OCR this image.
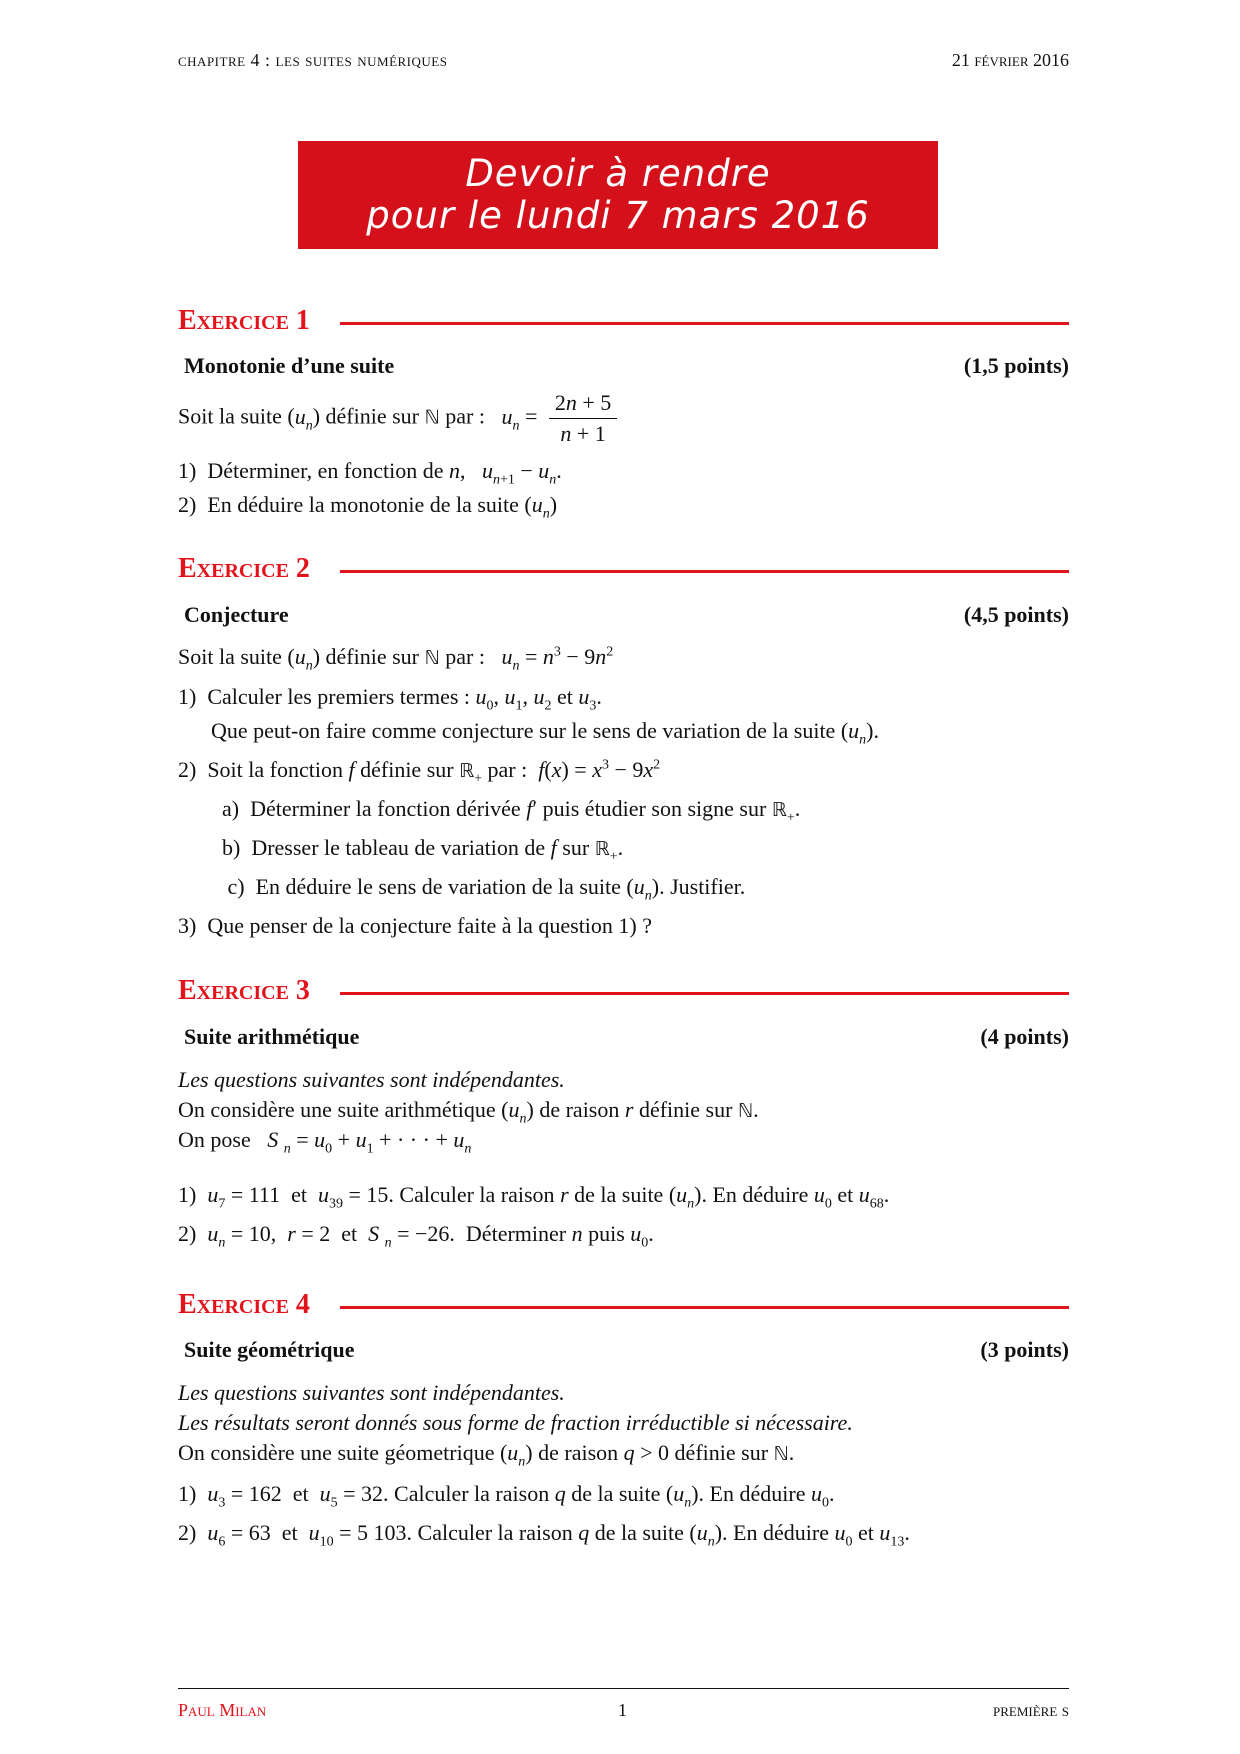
chapitre 4 : les suites numériques	21 février 2016
Devoir à rendre
pour le lundi 7 mars 2016
Exercice 1
Monotonie d’une suite	(1,5 points)
Soit la suite $(u_n)$ définie sur ℕ par :   $u_n = \frac{2n + 5}{n + 1}$
1)  Déterminer, en fonction de n,   $u_{n+1} - u_n$.
2)  En déduire la monotonie de la suite $(u_n)$
Exercice 2
Conjecture	(4,5 points)
Soit la suite $(u_n)$ définie sur ℕ par :   $u_n = n^3 - 9n^2$
1)  Calculer les premiers termes : $u_0$, $u_1$, $u_2$ et $u_3$.
Que peut-on faire comme conjecture sur le sens de variation de la suite $(u_n)$.
2)  Soit la fonction f définie sur ℝ$_+$ par :  $f(x) = x^3 - 9x^2$
a)  Déterminer la fonction dérivée f′ puis étudier son signe sur ℝ$_+$.
b)  Dresser le tableau de variation de f sur ℝ$_+$.
c)  En déduire le sens de variation de la suite $(u_n)$. Justifier.
3)  Que penser de la conjecture faite à la question 1) ?
Exercice 3
Suite arithmétique	(4 points)
Les questions suivantes sont indépendantes.
On considère une suite arithmétique $(u_n)$ de raison r définie sur ℕ.
On pose   S $_n = u_0 + u_1$ + · · · + $u_n$
1)  $u_7 = 111$  et  $u_{39} = 15$. Calculer la raison r de la suite $(u_n)$. En déduire $u_0$ et $u_{68}$.
2)  $u_n = 10$,  r = 2  et  S $_n$ = −26.  Déterminer n puis $u_0$.
Exercice 4
Suite géométrique	(3 points)
Les questions suivantes sont indépendantes.
Les résultats seront donnés sous forme de fraction irréductible si nécessaire.
On considère une suite géometrique $(u_n)$ de raison q > 0 définie sur ℕ.
1)  $u_3 = 162$  et  $u_5 = 32$. Calculer la raison q de la suite $(u_n)$. En déduire $u_0$.
2)  $u_6 = 63$  et  $u_{10} = 5$ 103. Calculer la raison q de la suite $(u_n)$. En déduire $u_0$ et $u_{13}$.
Paul Milan	1	première s
